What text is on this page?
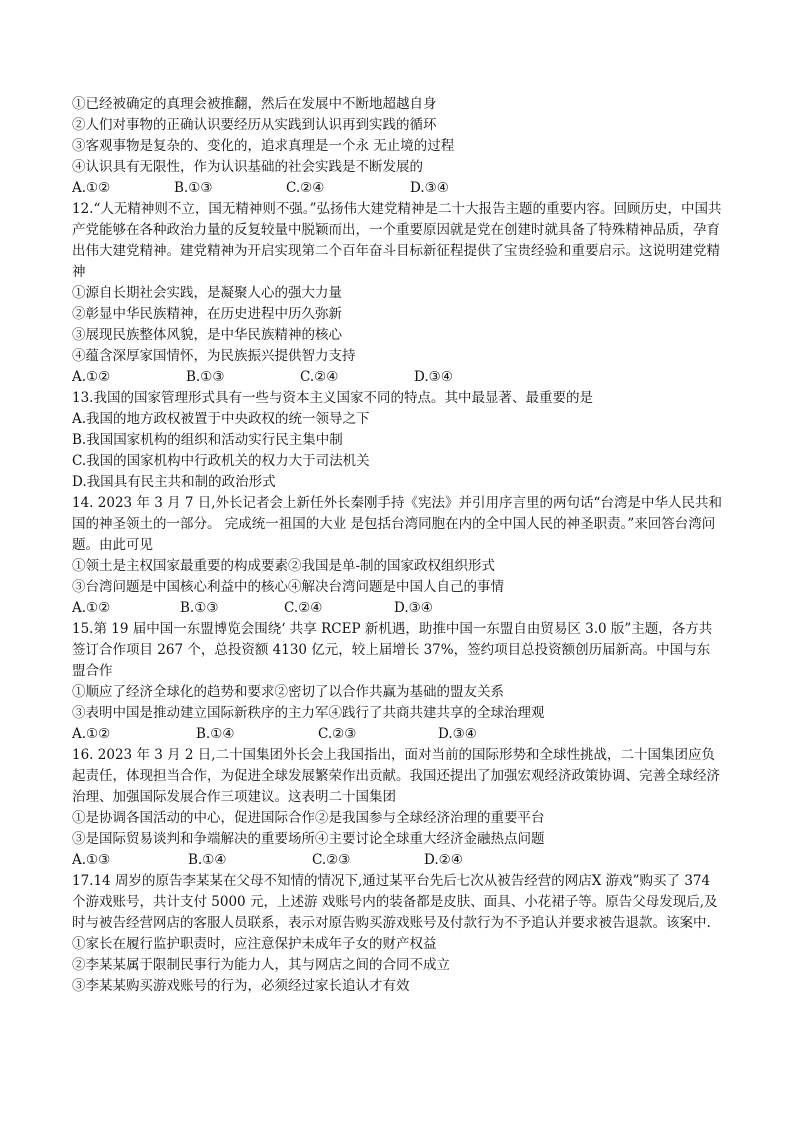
①已经被确定的真理会被推翻，然后在发展中不断地超越自身
②人们对事物的正确认识要经历从实践到认识再到实践的循环
③客观事物是复杂的、变化的，追求真理是一个永 无止境的过程
④认识具有无限性，作为认识基础的社会实践是不断发展的
A.①②	B.①③	C.②④	D.③④
12.“人无精神则不立，国无精神则不强。”弘扬伟大建党精神是二十大报告主题的重要内容。回顾历史，中国共产党能够在各种政治力量的反复较量中脱颖而出，一个重要原因就是党在创建时就具备了特殊精神品质，孕育出伟大建党精神。建党精神为开启实现第二个百年奋斗目标新征程提供了宝贵经验和重要启示。这说明建党精神
①源自长期社会实践，是凝聚人心的强大力量
②彰显中华民族精神，在历史进程中历久弥新
③展现民族整体风貌，是中华民族精神的核心
④蕴含深厚家国情怀，为民族振兴提供智力支持
A.①②	B.①③	C.②④	D.③④
13.我国的国家管理形式具有一些与资本主义国家不同的特点。其中最显著、最重要的是
A.我国的地方政权被置于中央政权的统一领导之下
B.我国国家机构的组织和活动实行民主集中制
C.我国的国家机构中行政机关的权力大于司法机关
D.我国具有民主共和制的政治形式
14. 2023 年 3 月 7 日,外长记者会上新任外长秦刚手持《宪法》并引用序言里的两句话“台湾是中华人民共和国的神圣领土的一部分。 完成统一祖国的大业 是包括台湾同胞在内的全中国人民的神圣职责。”来回答台湾问题。由此可见
①领土是主权国家最重要的构成要素②我国是单-制的国家政权组织形式
③台湾问题是中国核心利益中的核心④解决台湾问题是中国人自己的事情
A.①②	B.①③	C.②④	D.③④
15.第 19 届中国一东盟博览会围绕‘ 共享 RCEP 新机遇，助推中国一东盟自由贸易区 3.0 版”主题，各方共签订合作项目 267 个，总投资额 4130 亿元，较上届增长 37%，签约项目总投资额创历届新高。中国与东盟合作
①顺应了经济全球化的趋势和要求②密切了以合作共赢为基础的盟友关系
③表明中国是推动建立国际新秩序的主力军④践行了共商共建共享的全球治理观
A.①②	B.①④	C.②③	D.③④
16. 2023 年 3 月 2 日,二十国集团外长会上我国指出，面对当前的国际形势和全球性挑战，二十国集团应负起责任，体现担当合作，为促进全球发展繁荣作出贡献。我国还提出了加强宏观经济政策协调、完善全球经济治理、加强国际发展合作三项建议。这表明二十国集团
①是协调各国活动的中心，促进国际合作②是我国参与全球经济治理的重要平台
③是国际贸易谈判和争端解决的重要场所④主要讨论全球重大经济金融热点问题
A.①③	B.①④	C.②③	D.②④
17.14 周岁的原告李某某在父母不知情的情况下,通过某平台先后七次从被告经营的网店X 游戏”购买了 374 个游戏账号，共计支付 5000 元，上述游 戏账号内的装备都是皮肤、面具、小花裙子等。原告父母发现后,及时与被告经营网店的客服人员联系，表示对原告购买游戏账号及付款行为不予追认并要求被告退款。该案中.
①家长在履行监护职责时，应注意保护未成年子女的财产权益
②李某某属于限制民事行为能力人，其与网店之间的合同不成立
③李某某购买游戏账号的行为，必须经过家长追认才有效
